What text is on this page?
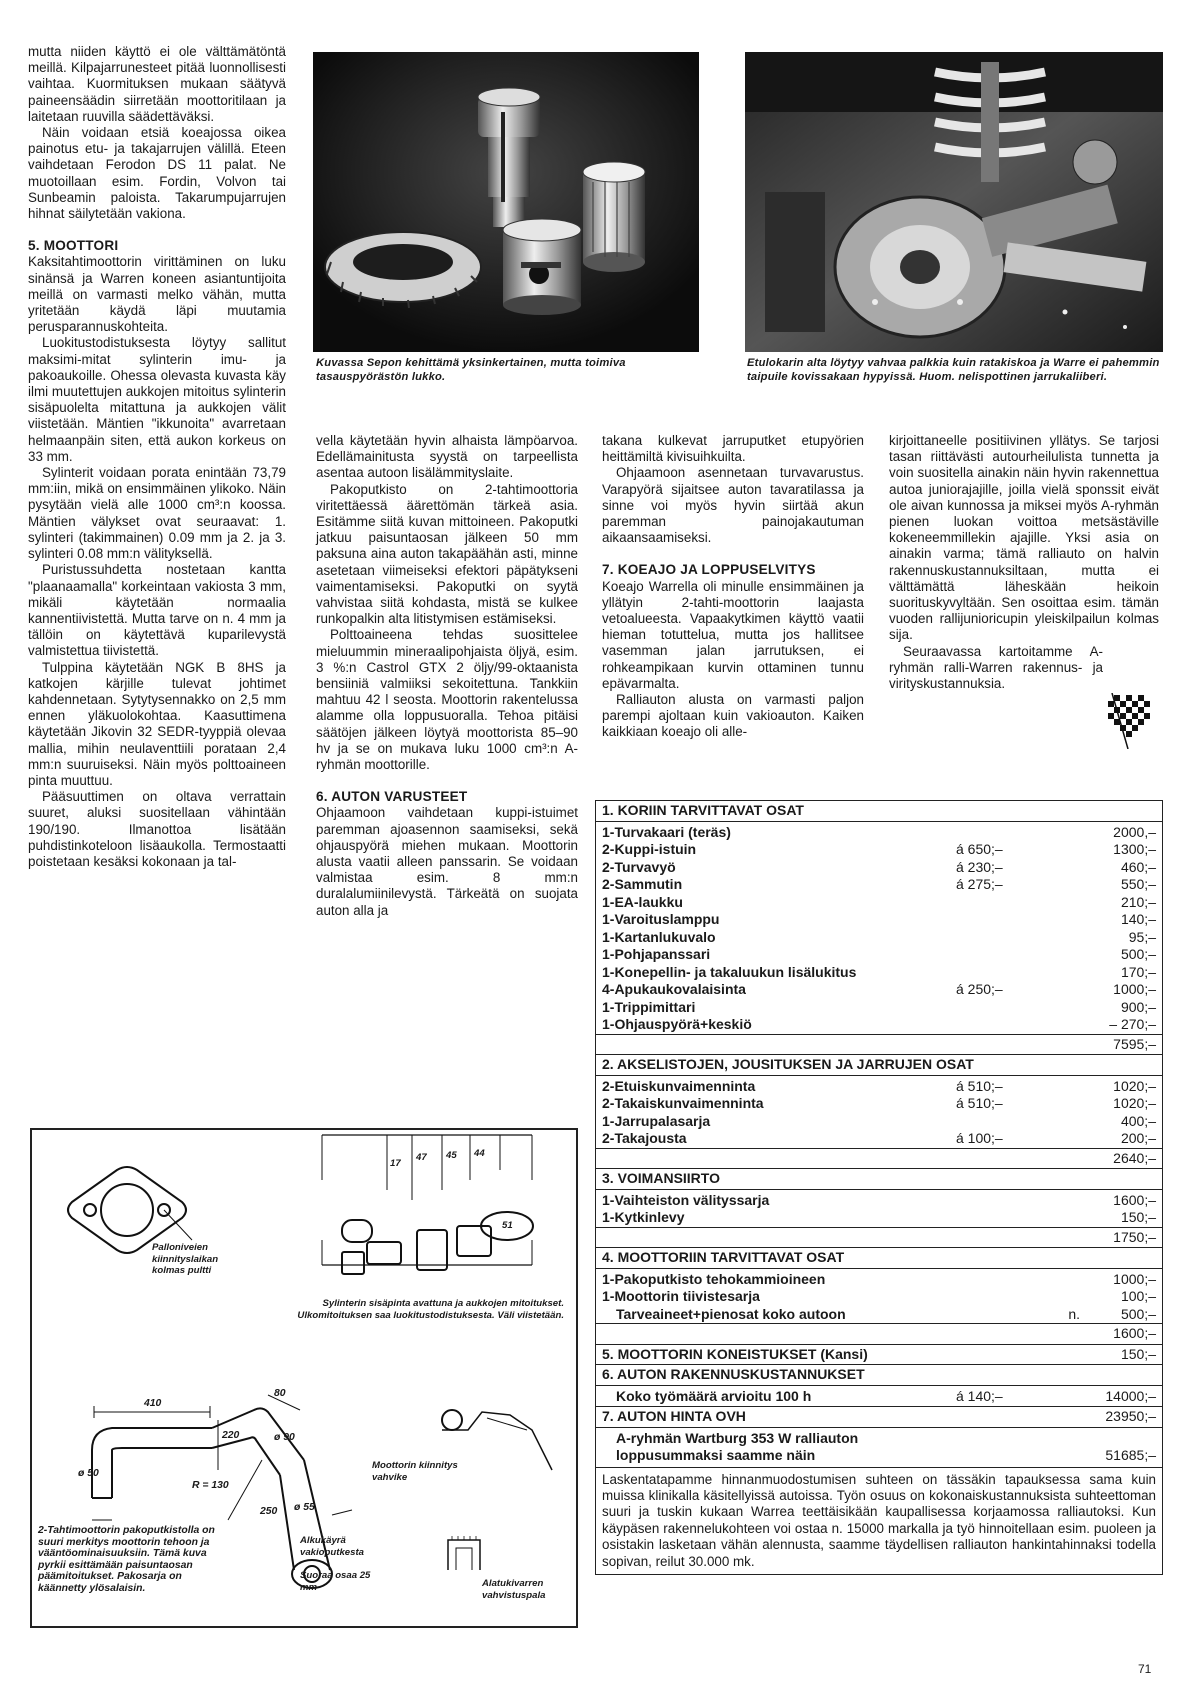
mutta niiden käyttö ei ole välttämätöntä meillä. Kilpajarrunesteet pitää luonnollisesti vaihtaa. Kuormituksen mukaan säätyvä paineensäädin siirretään moottoritilaan ja laitetaan ruuvilla säädettäväksi.

Näin voidaan etsiä koeajossa oikea painotus etu- ja takajarrujen välillä. Eteen vaihdetaan Ferodon DS 11 palat. Ne muotoillaan esim. Fordin, Volvon tai Sunbeamin paloista. Takarumpujarrujen hihnat säilytetään vakiona.

5. MOOTTORI

Kaksitahtimoottorin virittäminen on luku sinänsä ja Warren koneen asiantuntijoita meillä on varmasti melko vähän, mutta yritetään käydä läpi muutamia perusparannuskohteita.

Luokitustodistuksesta löytyy sallitut maksimi-mitat sylinterin imu- ja pakoaukoille. Ohessa olevasta kuvasta käy ilmi muutettujen aukkojen mitoitus sylinterin sisäpuolelta mitattuna ja aukkojen välit viistetään. Mäntien "ikkunoita" avarretaan helmaanpäin siten, että aukon korkeus on 33 mm.

Sylinterit voidaan porata enintään 73,79 mm:iin, mikä on ensimmäinen ylikoko. Näin pysytään vielä alle 1000 cm³:n koossa. Mäntien välykset ovat seuraavat: 1. sylinteri (takimmainen) 0.09 mm ja 2. ja 3. sylinteri 0.08 mm:n välityksellä.

Puristussuhdetta nostetaan kantta "plaanaamalla" korkeintaan vakiosta 3 mm, mikäli käytetään normaalia kannentiivistettä. Mutta tarve on n. 4 mm ja tällöin on käytettävä kuparilevystä valmistettua tiivistettä.

Tulppina käytetään NGK B 8HS ja katkojen kärjille tulevat johtimet kahdennetaan. Sytytysennakko on 2,5 mm ennen yläkuolokohtaa. Kaasuttimena käytetään Jikovin 32 SEDR-tyyppiä olevaa mallia, mihin neulaventtiili porataan 2,4 mm:n suuruiseksi. Näin myös polttoaineen pinta muuttuu.

Pääsuuttimen on oltava verrattain suuret, aluksi suositellaan vähintään 190/190. Ilmanottoa lisätään puhdistinkoteloon lisäaukolla. Termostaatti poistetaan kesäksi kokonaan ja tal-

Kuvassa Sepon kehittämä yksinkertainen, mutta toimiva tasauspyörästön lukko.
Etulokarin alta löytyy vahvaa palkkia kuin ratakiskoa ja Warre ei pahemmin taipuile kovissakaan hypyissä. Huom. nelispottinen jarrukaliiberi.

vella käytetään hyvin alhaista lämpöarvoa. Edellämainitusta syystä on tarpeellista asentaa autoon lisälämmityslaite.

Pakoputkisto on 2-tahtimoottoria viritettäessä äärettömän tärkeä asia. Esitämme siitä kuvan mittoineen. Pakoputki jatkuu paisuntaosan jälkeen 50 mm paksuna aina auton takapäähän asti, minne asetetaan viimeiseksi efektori päpätykseni vaimentamiseksi. Pakoputki on syytä vahvistaa siitä kohdasta, mistä se kulkee runkopalkin alta litistymisen estämiseksi.

Polttoaineena tehdas suosittelee mieluummin mineraalipohjaista öljyä, esim. 3 %:n Castrol GTX 2 öljy/99-oktaanista bensiiniä valmiiksi sekoitettuna. Tankkiin mahtuu 42 l seosta. Moottorin rakentelussa alamme olla loppusuoralla. Tehoa pitäisi säätöjen jälkeen löytyä moottorista 85–90 hv ja se on mukava luku 1000 cm³:n A-ryhmän moottorille.

6. AUTON VARUSTEET

Ohjaamoon vaihdetaan kuppi-istuimet paremman ajoasennon saamiseksi, sekä ohjauspyörä miehen mukaan. Moottorin alusta vaatii alleen panssarin. Se voidaan valmistaa esim. 8 mm:n duralalumiinilevystä. Tärkeätä on suojata auton alla ja

takana kulkevat jarruputket etupyörien heittämiltä kivisuihkuilta.

Ohjaamoon asennetaan turvavarustus. Varapyörä sijaitsee auton tavaratilassa ja sinne voi myös hyvin siirtää akun paremman painojakautuman aikaansaamiseksi.

7. KOEAJO JA LOPPUSELVITYS

Koeajo Warrella oli minulle ensimmäinen ja yllätyin 2-tahti-moottorin laajasta vetoalueesta. Vapaakytkimen käyttö vaatii hieman totuttelua, mutta jos hallitsee vasemman jalan jarrutuksen, ei rohkeampikaan kurvin ottaminen tunnu epävarmalta.

Ralliauton alusta on varmasti paljon parempi ajoltaan kuin vakioauton. Kaiken kaikkiaan koeajo oli alle-

kirjoittaneelle positiivinen yllätys. Se tarjosi tasan riittävästi autourheilulista tunnetta ja voin suositella ainakin näin hyvin rakennettua autoa juniorajajille, joilla vielä sponssit eivät ole aivan kunnossa ja miksei myös A-ryhmän pienen luokan voittoa metsästäville kokeneemmillekin ajajille. Yksi asia on ainakin varma; tämä ralliauto on halvin rakennuskustannuksiltaan, mutta ei välttämättä läheskään heikoin suorituskyvyltään. Sen osoittaa esim. tämän vuoden rallijunioricupin yleiskilpailun kolmas sija.

Seuraavassa kartoitamme A-ryhmän ralli-Warren rakennus- ja virityskustannuksia.

1. KORIIN TARVITTAVAT OSAT
1-Turvakaari (teräs)	2000,–
2-Kuppi-istuin	á 650;–	1300;–
2-Turvavyö	á 230;–	460;–
2-Sammutin	á 275;–	550;–
1-EA-laukku	210;–
1-Varoituslamppu	140;–
1-Kartanlukuvalo	95;–
1-Pohjapanssari	500;–
1-Konepellin- ja takaluukun lisälukitus	170;–
4-Apukaukovalaisinta	á 250;–	1000;–
1-Trippimittari	900;–
1-Ohjauspyörä+keskiö	– 270;–
7595;–
2. AKSELISTOJEN, JOUSITUKSEN JA JARRUJEN OSAT
2-Etuiskunvaimennintа	á 510;–	1020;–
2-Takaiskunvaimennintа	á 510;–	1020;–
1-Jarrupalasarja	400;–
2-Takajousta	á 100;–	200;–
2640;–
3. VOIMANSIIRTO
1-Vaihteiston välityssarja	1600;–
1-Kytkinlevy	150;–
1750;–
4. MOOTTORIIN TARVITTAVAT OSAT
1-Pakoputkisto tehokammioineen	1000;–
1-Moottorin tiivistesarja	100;–
Tarveaineet+pienosat koko autoon	n.	500;–
1600;–
5. MOOTTORIN KONEISTUKSET (Kansi)	150;–
6. AUTON RAKENNUSKUSTANNUKSET
Koko työmäärä arvioitu 100 h	á 140;–	14000;–
7. AUTON HINTA OVH	23950;–
A-ryhmän Wartburg 353 W ralliauton
loppusummaksi saamme näin	51685;–
Laskentatapamme hinnanmuodostumisen suhteen on tässäkin tapauksessa sama kuin muissa klinikalla käsitellyissä autoissa. Työn osuus on kokonaiskustannuksista suhteettoman suuri ja tuskin kukaan Warrea teettäisikään kaupallisessa korjaamossa ralliautoksi. Kun käypäsen rakennelukohteen voi ostaa n. 15000 markalla ja työ hinnoitellaan esim. puoleen ja osistakin lasketaan vähän alennusta, saamme täydellisen ralliauton hankintahinnaksi todella sopivan, reilut 30.000 mk.
Palloniveien kiinnityslaikan kolmas pultti
Sylinterin sisäpinta avattuna ja aukkojen mitoitukset. Ulkomitoituksen saa luokitustodistuksesta. Väli viistetään.
2-Tahtimoottorin pakoputkistolla on suuri merkitys moottorin tehoon ja vääntöominaisuuksiin. Tämä kuva pyrkii esittämään paisuntaosan päämitoitukset. Pakosarja on käännetty ylösalaisin.
Moottorin kiinnitys vahvike
Alkukäyrä vakioputkesta
Suoraa osaa 25 mm	Alatukivarren vahvistuspala
410
80
ø 90
ø 50
ø 55
220
R = 130
250
17
47 45 44
51
71
